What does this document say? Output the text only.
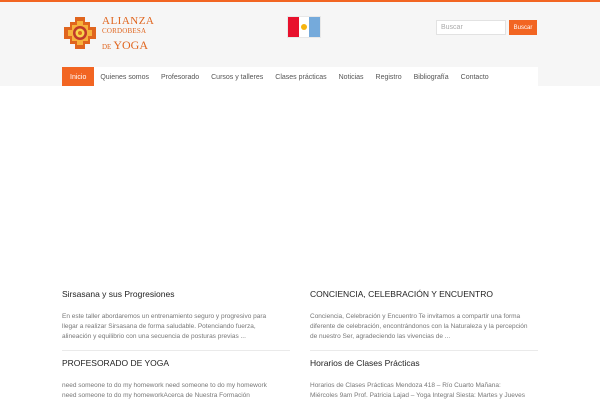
ALIANZA
CORDOBESA
DE YOGA
Buscar
Buscar
Inicio	Quienes somos	Profesorado	Cursos y talleres	Clases prácticas	Noticias	Registro	Bibliografía	Contacto
Sirsasana y sus Progresiones
En este taller abordaremos un entrenamiento seguro y progresivo para
llegar a realizar Sirsasana de forma saludable. Potenciando fuerza,
alineación y equilibrio con una secuencia de posturas previas ...
CONCIENCIA, CELEBRACIÓN Y ENCUENTRO
Conciencia, Celebración y Encuentro Te invitamos a compartir una forma
diferente de celebración, encontrándonos con la Naturaleza y la percepción
de nuestro Ser, agradeciendo las vivencias de ...
PROFESORADO DE YOGA
need someone to do my homework need someone to do my homework
need someone to do my homeworkAcerca de Nuestra Formación
Horarios de Clases Prácticas
Horarios de Clases Prácticas Mendoza 418 – Río Cuarto Mañana:
Miércoles 9am Prof. Patricia Lajad – Yoga Integral Siesta: Martes y Jueves
